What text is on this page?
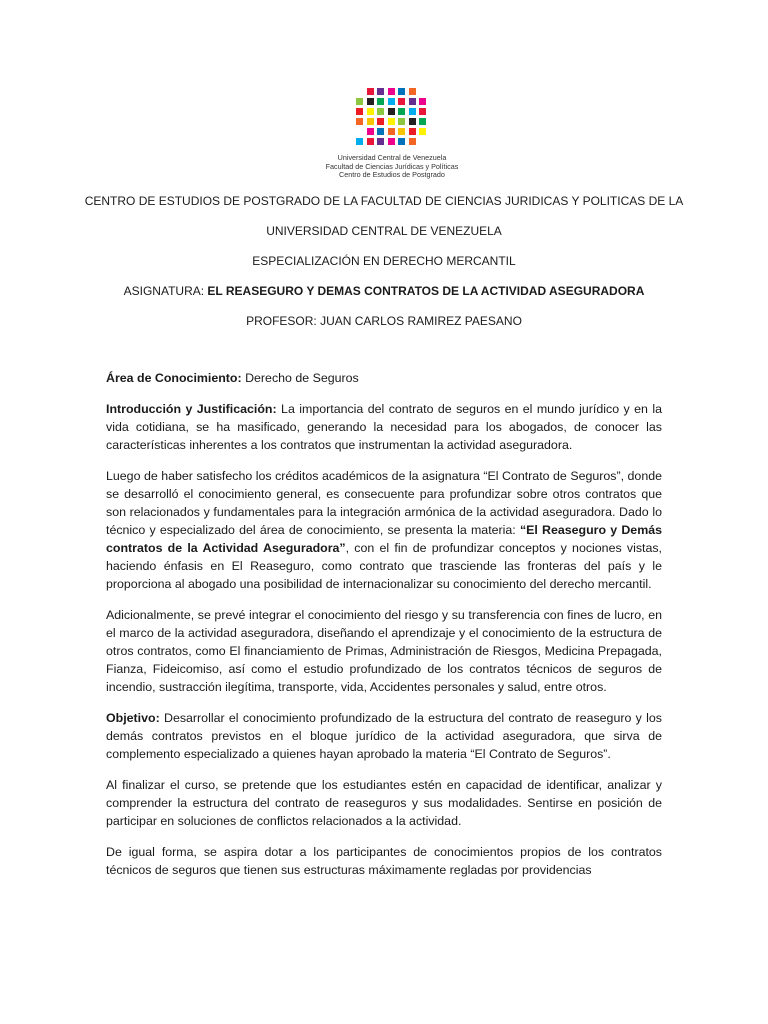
Universidad Central de Venezuela
Facultad de Ciencias Jurídicas y Políticas
Centro de Estudios de Postgrado
CENTRO DE ESTUDIOS DE POSTGRADO DE LA FACULTAD DE CIENCIAS JURIDICAS Y POLITICAS DE LA
UNIVERSIDAD CENTRAL DE VENEZUELA
ESPECIALIZACIÓN EN DERECHO MERCANTIL
ASIGNATURA: EL REASEGURO Y DEMAS CONTRATOS DE LA ACTIVIDAD ASEGURADORA
PROFESOR: JUAN CARLOS RAMIREZ PAESANO

Área de Conocimiento: Derecho de Seguros

Introducción y Justificación: La importancia del contrato de seguros en el mundo jurídico y en la vida cotidiana, se ha masificado, generando la necesidad para los abogados, de conocer las características inherentes a los contratos que instrumentan la actividad aseguradora.

Luego de haber satisfecho los créditos académicos de la asignatura “El Contrato de Seguros”, donde se desarrolló el conocimiento general, es consecuente para profundizar sobre otros contratos que son relacionados y fundamentales para la integración armónica de la actividad aseguradora. Dado lo técnico y especializado del área de conocimiento, se presenta la materia: “El Reaseguro y Demás contratos de la Actividad Aseguradora”, con el fin de profundizar conceptos y nociones vistas, haciendo énfasis en El Reaseguro, como contrato que trasciende las fronteras del país y le proporciona al abogado una posibilidad de internacionalizar su conocimiento del derecho mercantil.

Adicionalmente, se prevé integrar el conocimiento del riesgo y su transferencia con fines de lucro, en el marco de la actividad aseguradora, diseñando el aprendizaje y el conocimiento de la estructura de otros contratos, como El financiamiento de Primas, Administración de Riesgos, Medicina Prepagada, Fianza, Fideicomiso, así como el estudio profundizado de los contratos técnicos de seguros de incendio, sustracción ilegítima, transporte, vida, Accidentes personales y salud, entre otros.

Objetivo: Desarrollar el conocimiento profundizado de la estructura del contrato de reaseguro y los demás contratos previstos en el bloque jurídico de la actividad aseguradora, que sirva de complemento especializado a quienes hayan aprobado la materia “El Contrato de Seguros”.

Al finalizar el curso, se pretende que los estudiantes estén en capacidad de identificar, analizar y comprender la estructura del contrato de reaseguros y sus modalidades. Sentirse en posición de participar en soluciones de conflictos relacionados a la actividad.

De igual forma, se aspira dotar a los participantes de conocimientos propios de los contratos técnicos de seguros que tienen sus estructuras máximamente regladas por providencias
